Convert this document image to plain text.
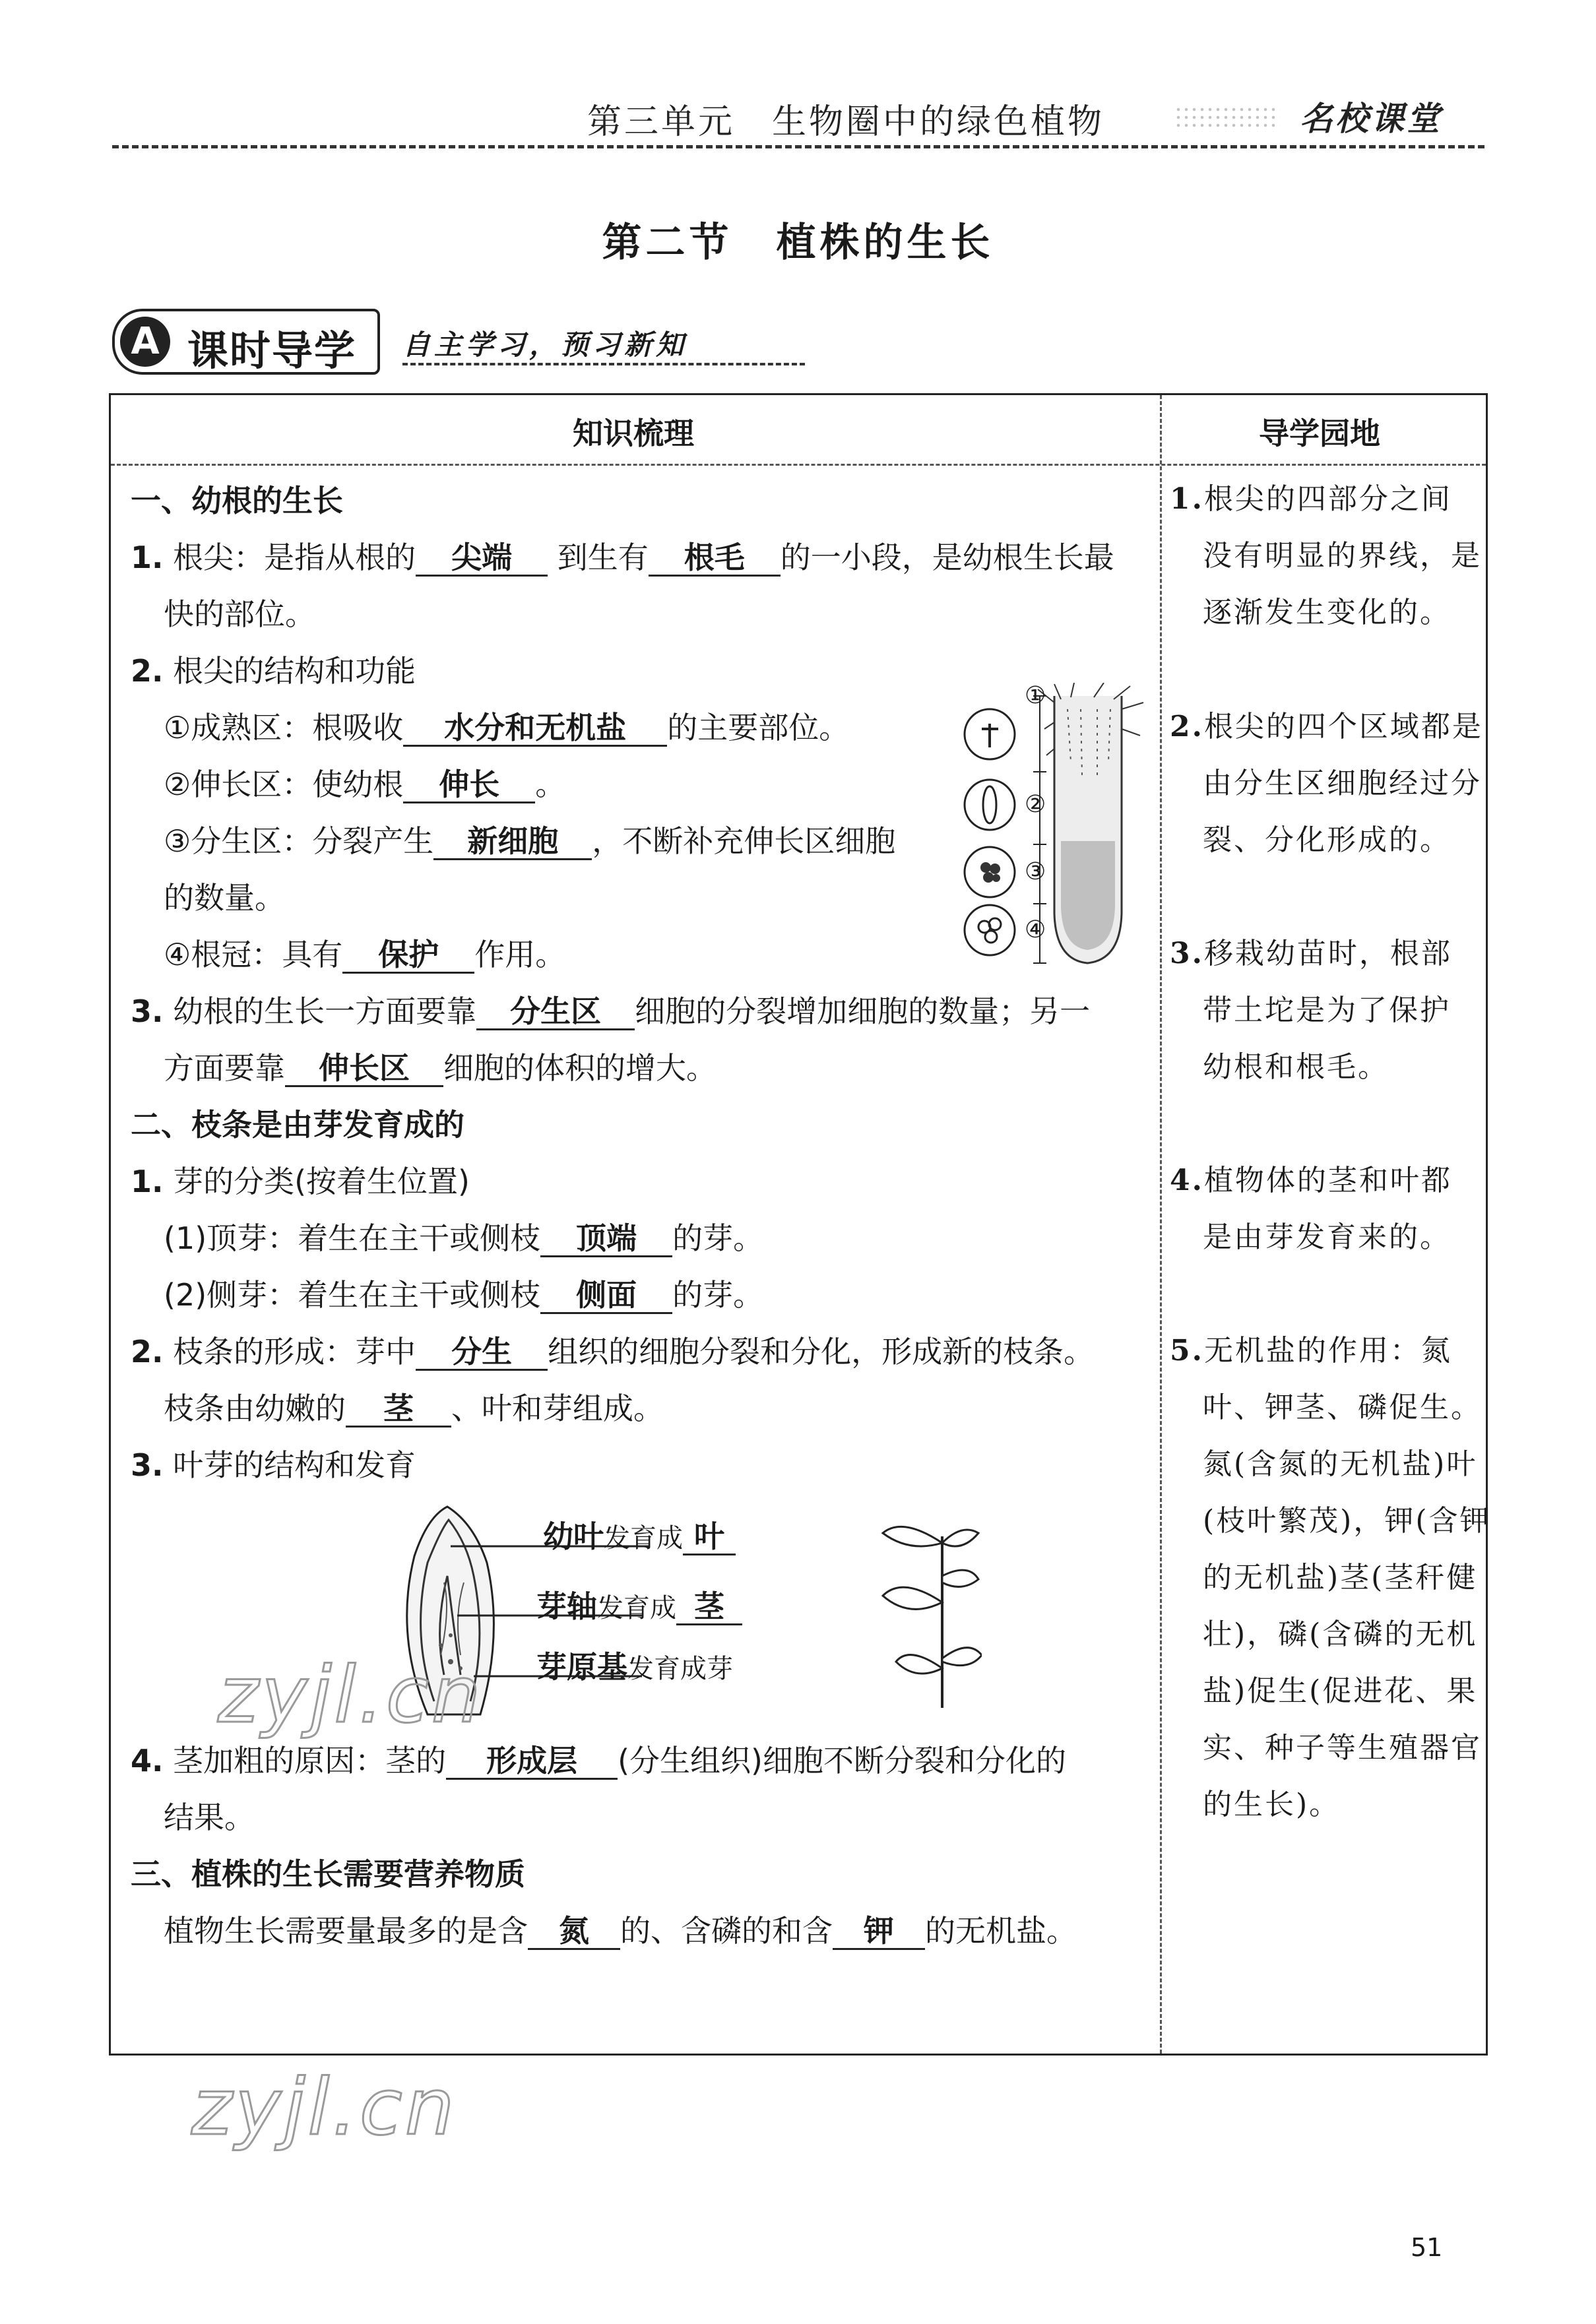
第三单元　生物圈中的绿色植物	名校课堂
第二节　植株的生长
A 课时导学 自主学习，预习新知
知识梳理	导学园地
一、幼根的生长
1. 根尖：是指从根的 尖端 到生有 根毛 的一小段，是幼根生长最
快的部位。
2. 根尖的结构和功能
①成熟区：根吸收 水分和无机盐 的主要部位。
②伸长区：使幼根 伸长 。
③分生区：分裂产生 新细胞 ，不断补充伸长区细胞
的数量。
④根冠：具有 保护 作用。
①
②
③
④
3. 幼根的生长一方面要靠 分生区 细胞的分裂增加细胞的数量；另一
方面要靠 伸长区 细胞的体积的增大。
二、枝条是由芽发育成的
1. 芽的分类(按着生位置)
(1)顶芽：着生在主干或侧枝 顶端 的芽。
(2)侧芽：着生在主干或侧枝 侧面 的芽。
2. 枝条的形成：芽中 分生 组织的细胞分裂和分化，形成新的枝条。
枝条由幼嫩的 茎 、叶和芽组成。
3. 叶芽的结构和发育
幼叶发育成 叶
芽轴发育成 茎
芽原基发育成芽
4. 茎加粗的原因：茎的 形成层 (分生组织)细胞不断分裂和分化的
结果。
三、植株的生长需要营养物质
植物生长需要量最多的是含 氮 的、含磷的和含 钾 的无机盐。
1.根尖的四部分之间
没有明显的界线，是
逐渐发生变化的。
2.根尖的四个区域都是
由分生区细胞经过分
裂、分化形成的。
3.移栽幼苗时，根部
带土坨是为了保护
幼根和根毛。
4.植物体的茎和叶都
是由芽发育来的。
5.无机盐的作用：氮
叶、钾茎、磷促生。
氮(含氮的无机盐)叶
(枝叶繁茂)，钾(含钾
的无机盐)茎(茎秆健
壮)，磷(含磷的无机
盐)促生(促进花、果
实、种子等生殖器官
的生长)。
zyjl.cn
zyjl.cn
51
